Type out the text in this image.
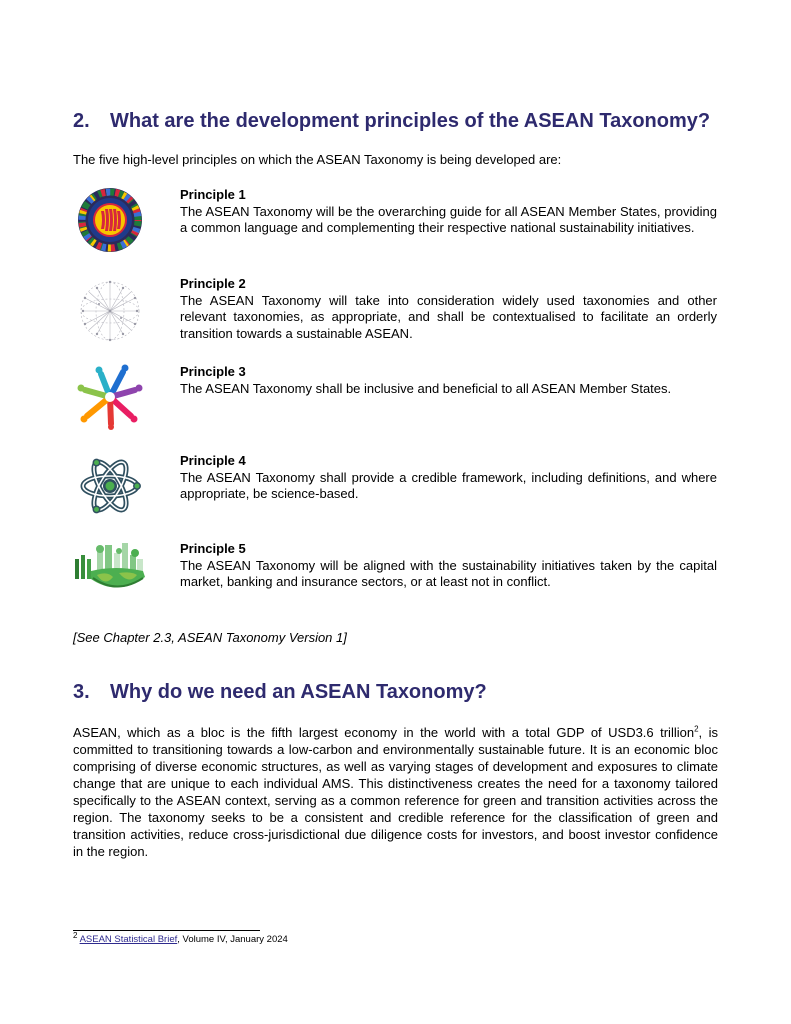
2. What are the development principles of the ASEAN Taxonomy?

The five high-level principles on which the ASEAN Taxonomy is being developed are:

Principle 1
The ASEAN Taxonomy will be the overarching guide for all ASEAN Member States, providing a common language and complementing their respective national sustainability initiatives.
Principle 2
The ASEAN Taxonomy will take into consideration widely used taxonomies and other relevant taxonomies, as appropriate, and shall be contextualised to facilitate an orderly transition towards a sustainable ASEAN.
Principle 3
The ASEAN Taxonomy shall be inclusive and beneficial to all ASEAN Member States.
Principle 4
The ASEAN Taxonomy shall provide a credible framework, including definitions, and where appropriate, be science-based.
Principle 5
The ASEAN Taxonomy will be aligned with the sustainability initiatives taken by the capital market, banking and insurance sectors, or at least not in conflict.

[See Chapter 2.3, ASEAN Taxonomy Version 1]

3. Why do we need an ASEAN Taxonomy?

ASEAN, which as a bloc is the fifth largest economy in the world with a total GDP of USD3.6 trillion$^2$, is committed to transitioning towards a low-carbon and environmentally sustainable future. It is an economic bloc comprising of diverse economic structures, as well as varying stages of development and exposures to climate change that are unique to each individual AMS. This distinctiveness creates the need for a taxonomy tailored specifically to the ASEAN context, serving as a common reference for green and transition activities across the region. The taxonomy seeks to be a consistent and credible reference for the classification of green and transition activities, reduce cross-jurisdictional due diligence costs for investors, and boost investor confidence in the region.

$^2$ ASEAN Statistical Brief, Volume IV, January 2024
